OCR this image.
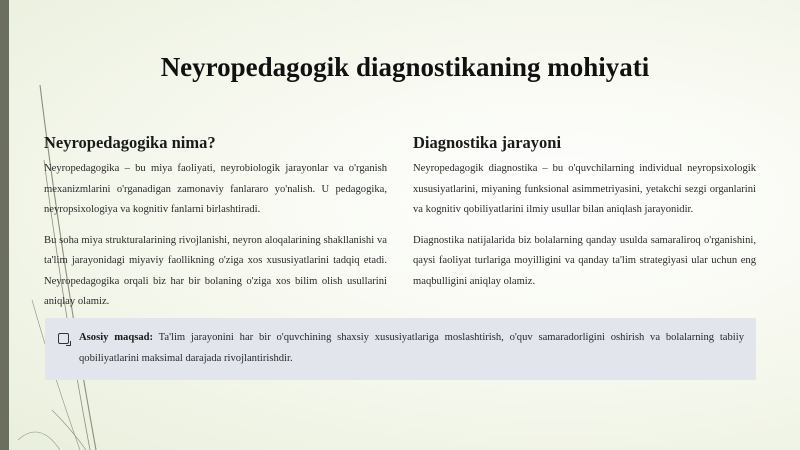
Neyropedagogik diagnostikaning mohiyati
Neyropedagogika nima?

Neyropedagogika – bu miya faoliyati, neyrobiologik jarayonlar va o'rganish mexanizmlarini o'rganadigan zamonaviy fanlararo yo'nalish. U pedagogika, neyropsixologiya va kognitiv fanlarni birlashtiradi.

Bu soha miya strukturalarining rivojlanishi, neyron aloqalarining shakllanishi va ta'lim jarayonidagi miyaviy faollikning o'ziga xos xususiyatlarini tadqiq etadi. Neyropedagogika orqali biz har bir bolaning o'ziga xos bilim olish usullarini aniqlay olamiz.

Diagnostika jarayoni

Neyropedagogik diagnostika – bu o'quvchilarning individual neyropsixologik xususiyatlarini, miyaning funksional asimmetriyasini, yetakchi sezgi organlarini va kognitiv qobiliyatlarini ilmiy usullar bilan aniqlash jarayonidir.

Diagnostika natijalarida biz bolalarning qanday usulda samaraliroq o'rganishini, qaysi faoliyat turlariga moyilligini va qanday ta'lim strategiyasi ular uchun eng maqbulligini aniqlay olamiz.

Asosiy maqsad: Ta'lim jarayonini har bir o'quvchining shaxsiy xususiyatlariga moslashtirish, o'quv samaradorligini oshirish va bolalarning tabiiy qobiliyatlarini maksimal darajada rivojlantirishdir.
